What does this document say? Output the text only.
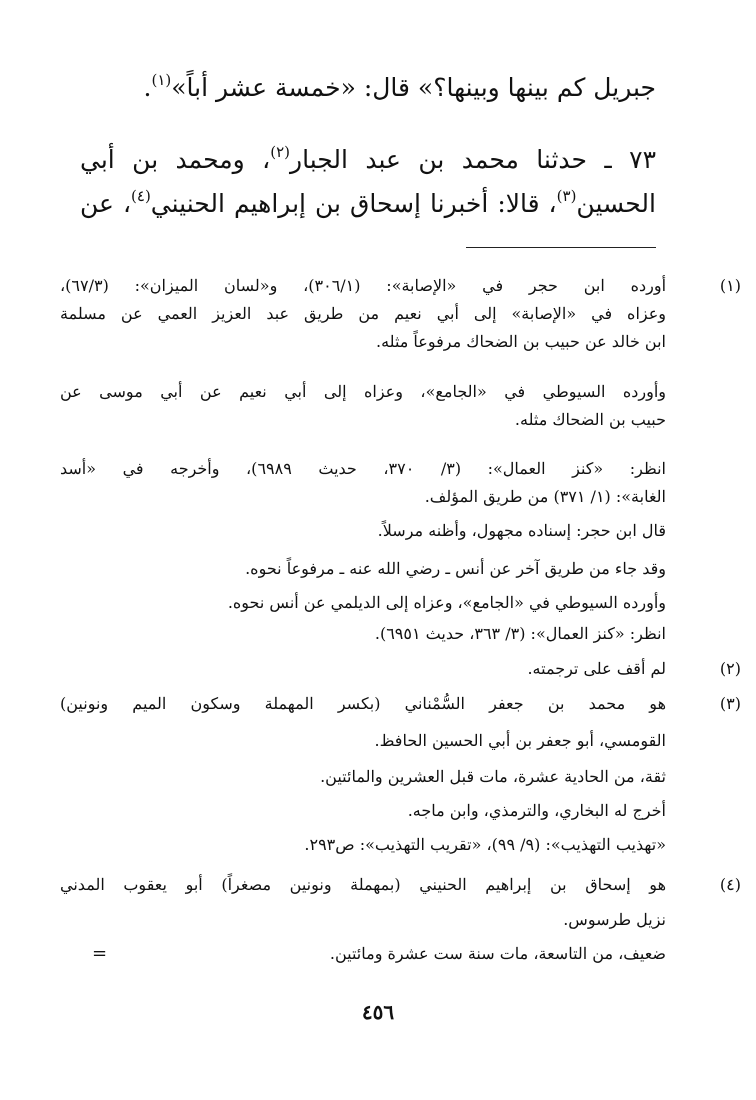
جبريل كم بينها وبينها؟» قال: «خمسة عشر أباً»$^{(١)}$.
٧٣ ـ حدثنا محمد بن عبد الجبار$^{(٢)}$، ومحمد بن أبي
الحسين$^{(٣)}$، قالا: أخبرنا إسحاق بن إبراهيم الحنيني$^{(٤)}$، عن
(١)
أورده ابن حجر في «الإصابة»: (٣٠٦/١)، و«لسان الميزان»: (٦٧/٣)،
وعزاه في «الإصابة» إلى أبي نعيم من طريق عبد العزيز العمي عن مسلمة
ابن خالد عن حبيب بن الضحاك مرفوعاً مثله.
وأورده السيوطي في «الجامع»، وعزاه إلى أبي نعيم عن أبي موسى عن
حبيب بن الضحاك مثله.
انظر: «كنز العمال»: (٣/ ٣٧٠، حديث ٦٩٨٩)، وأخرجه في «أسد
الغابة»: (١/ ٣٧١) من طريق المؤلف.
قال ابن حجر: إسناده مجهول، وأظنه مرسلاً.
وقد جاء من طريق آخر عن أنس ـ رضي الله عنه ـ مرفوعاً نحوه.
وأورده السيوطي في «الجامع»، وعزاه إلى الديلمي عن أنس نحوه.
انظر: «كنز العمال»: (٣/ ٣٦٣، حديث ٦٩٥١).
(٢)
لم أقف على ترجمته.
(٣)
هو محمد بن جعفر السُّمْناني (بكسر المهملة وسكون الميم ونونين)
القومسي، أبو جعفر بن أبي الحسين الحافظ.
ثقة، من الحادية عشرة، مات قبل العشرين والمائتين.
أخرج له البخاري، والترمذي، وابن ماجه.
«تهذيب التهذيب»: (٩/ ٩٩)، «تقريب التهذيب»: ص٢٩٣.
(٤)
هو إسحاق بن إبراهيم الحنيني (بمهملة ونونين مصغراً) أبو يعقوب المدني
نزيل طرسوس.
ضعيف، من التاسعة، مات سنة ست عشرة ومائتين.
=
٤٥٦
